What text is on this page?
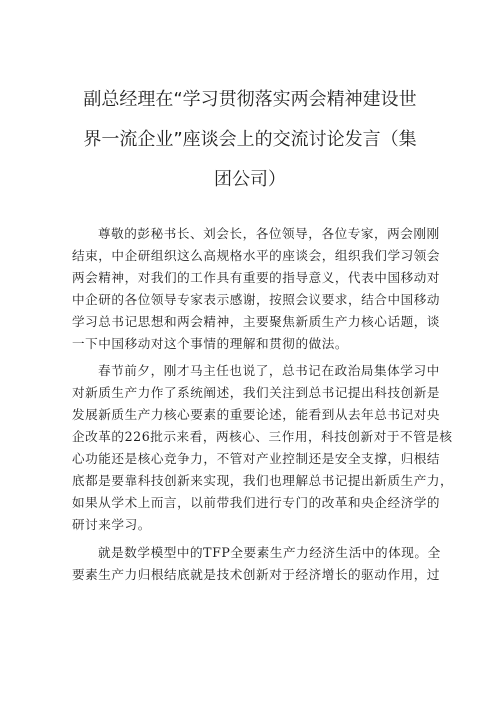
副总经理在“学习贯彻落实两会精神建设世
界一流企业”座谈会上的交流讨论发言（集
团公司）
尊敬的彭秘书长、刘会长，各位领导，各位专家，两会刚刚
结束，中企研组织这么高规格水平的座谈会，组织我们学习领会
两会精神，对我们的工作具有重要的指导意义，代表中国移动对
中企研的各位领导专家表示感谢，按照会议要求，结合中国移动
学习总书记思想和两会精神，主要聚焦新质生产力核心话题，谈
一下中国移动对这个事情的理解和贯彻的做法。
春节前夕，刚才马主任也说了，总书记在政治局集体学习中
对新质生产力作了系统阐述，我们关注到总书记提出科技创新是
发展新质生产力核心要素的重要论述，能看到从去年总书记对央
企改革的226批示来看，两核心、三作用，科技创新对于不管是核
心功能还是核心竞争力，不管对产业控制还是安全支撑，归根结
底都是要靠科技创新来实现，我们也理解总书记提出新质生产力，
如果从学术上而言，以前带我们进行专门的改革和央企经济学的
研讨来学习。
就是数学模型中的TFP全要素生产力经济生活中的体现。全
要素生产力归根结底就是技术创新对于经济增长的驱动作用，过
